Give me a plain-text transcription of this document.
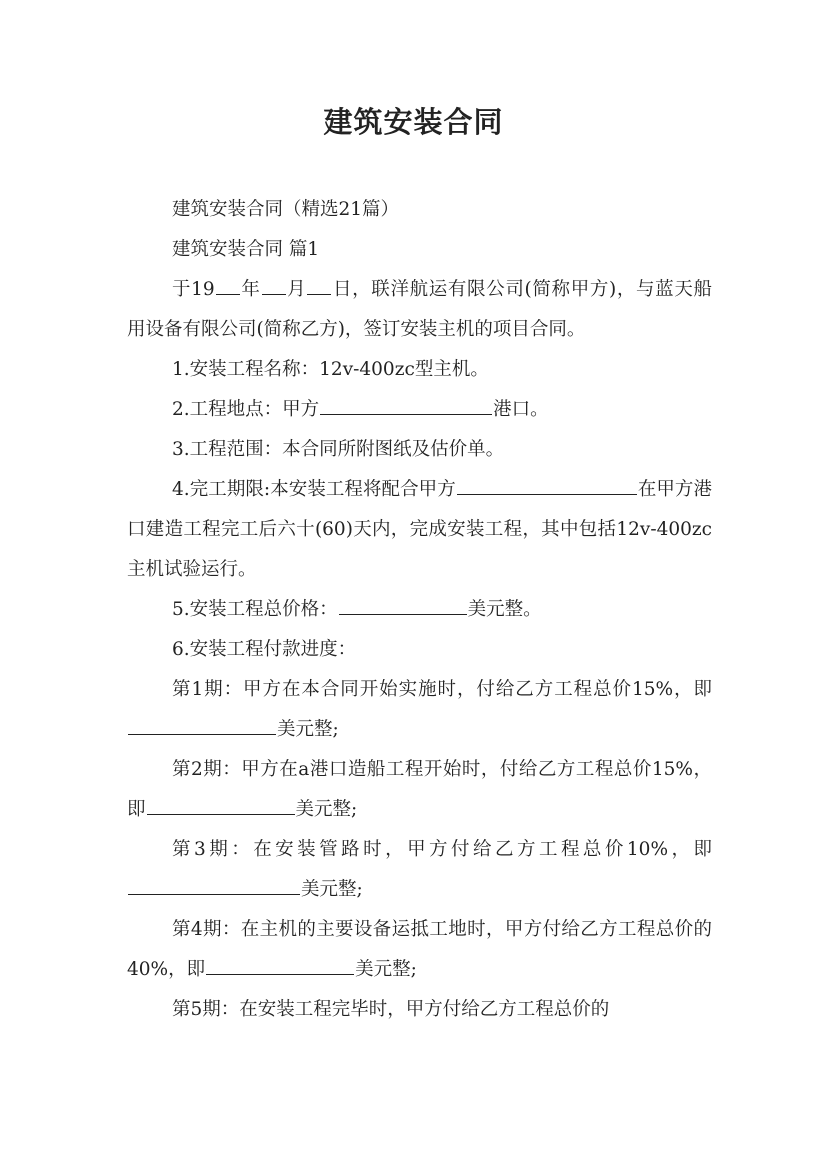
建筑安装合同

建筑安装合同（精选21篇）

建筑安装合同 篇1

于19 年 月 日，联洋航运有限公司(简称甲方)，与蓝天船用设备有限公司(简称乙方)，签订安装主机的项目合同。

1.安装工程名称：12v-400zc型主机。

2.工程地点：甲方	港口。

3.工程范围：本合同所附图纸及估价单。

4.完工期限:本安装工程将配合甲方	在甲方港口建造工程完工后六十(60)天内，完成安装工程，其中包括12v-400zc主机试验运行。

5.安装工程总价格：	美元整。

6.安装工程付款进度：

第1期：甲方在本合同开始实施时，付给乙方工程总价15%，即美元整;

第2期：甲方在a港口造船工程开始时，付给乙方工程总价15%，即	美元整;

第3期：在安装管路时，甲方付给乙方工程总价10%，即美元整;

第4期：在主机的主要设备运抵工地时，甲方付给乙方工程总价的40%，即	美元整;

第5期：在安装工程完毕时，甲方付给乙方工程总价的
